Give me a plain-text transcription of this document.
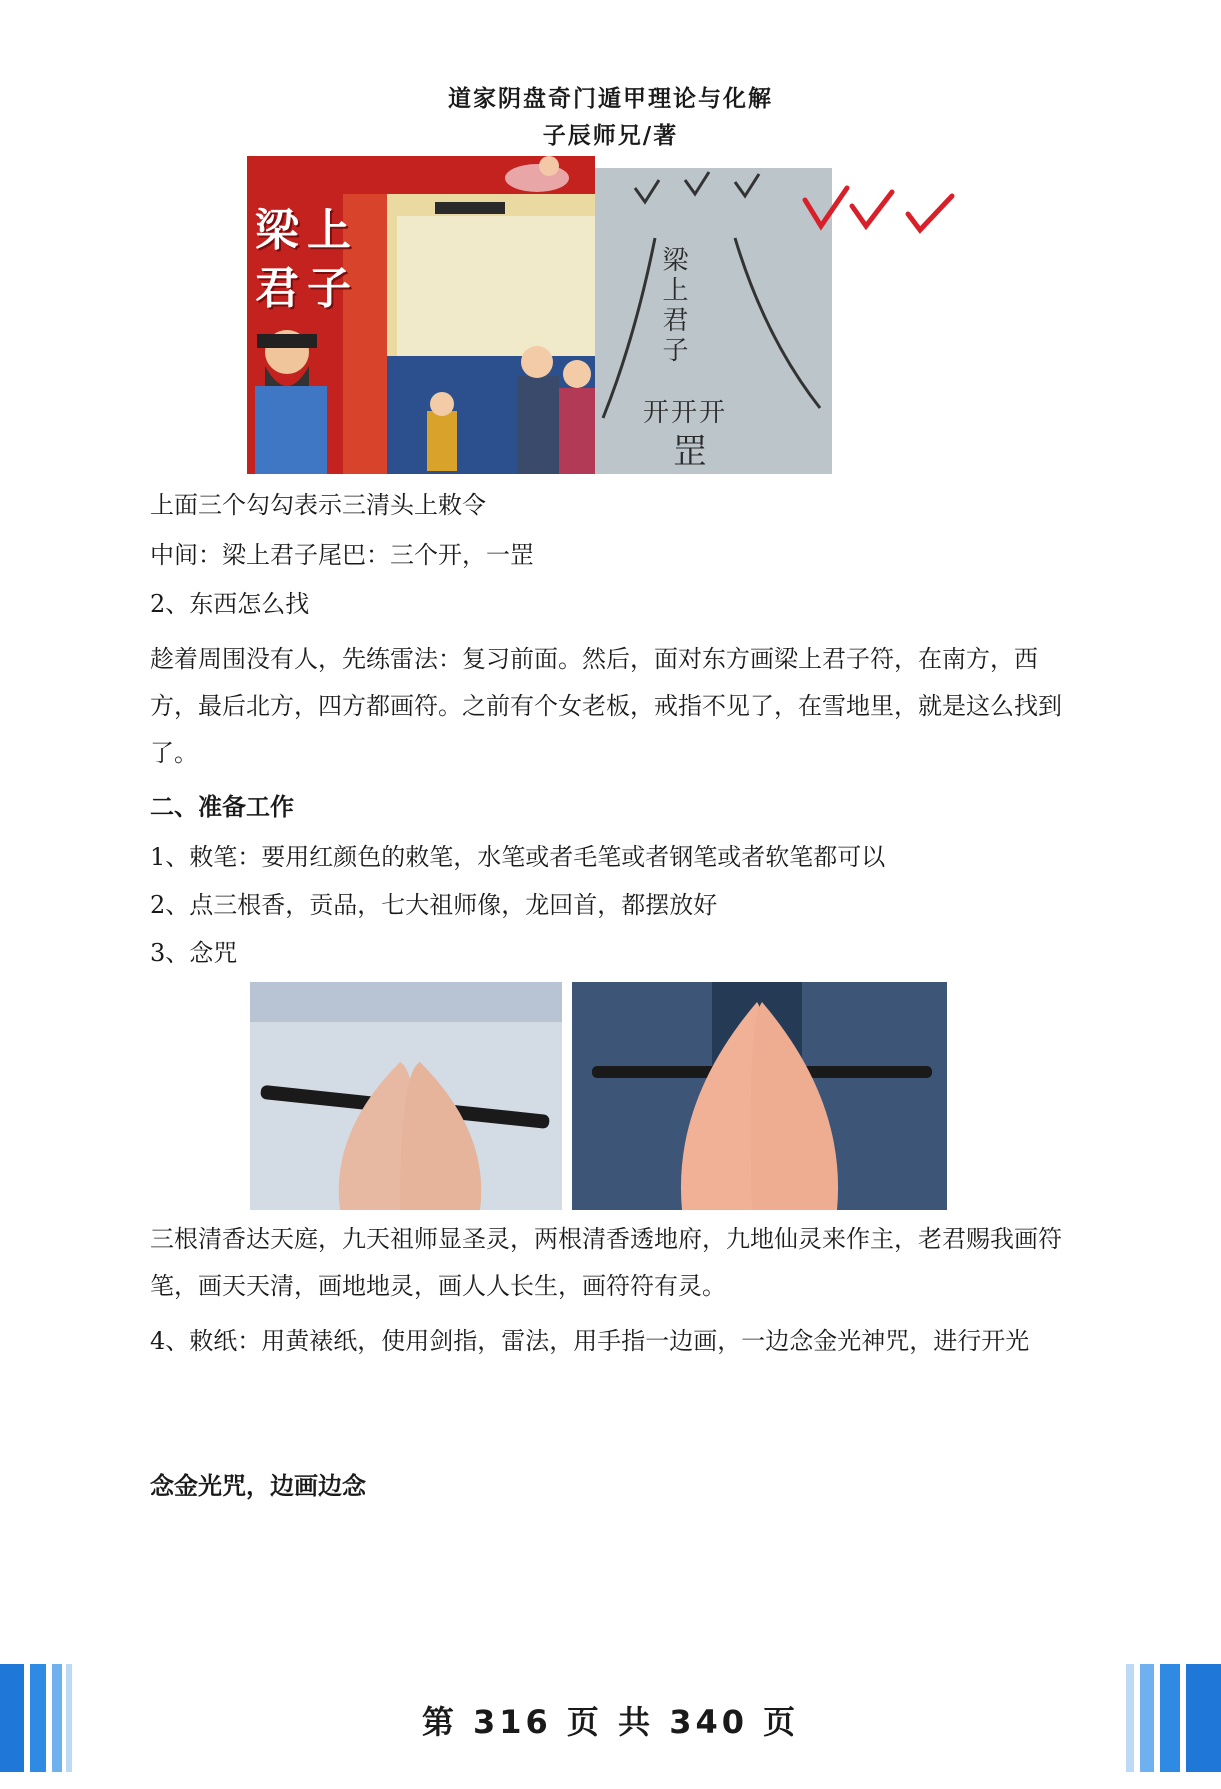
道家阴盘奇门遁甲理论与化解
子辰师兄/著
梁上
君子	梁上君子
开开开
罡

上面三个勾勾表示三清头上敕令

中间：梁上君子尾巴：三个开，一罡

2、东西怎么找

趁着周围没有人，先练雷法：复习前面。然后，面对东方画梁上君子符，在南方，西方，最后北方，四方都画符。之前有个女老板，戒指不见了，在雪地里，就是这么找到了。

二、准备工作

1、敕笔：要用红颜色的敕笔，水笔或者毛笔或者钢笔或者软笔都可以

2、点三根香，贡品，七大祖师像，龙回首，都摆放好

3、念咒

三根清香达天庭，九天祖师显圣灵，两根清香透地府，九地仙灵来作主，老君赐我画符笔，画天天清，画地地灵，画人人长生，画符符有灵。

4、敕纸：用黄裱纸，使用剑指，雷法，用手指一边画，一边念金光神咒，进行开光

念金光咒，边画边念

第 316 页 共 340 页
